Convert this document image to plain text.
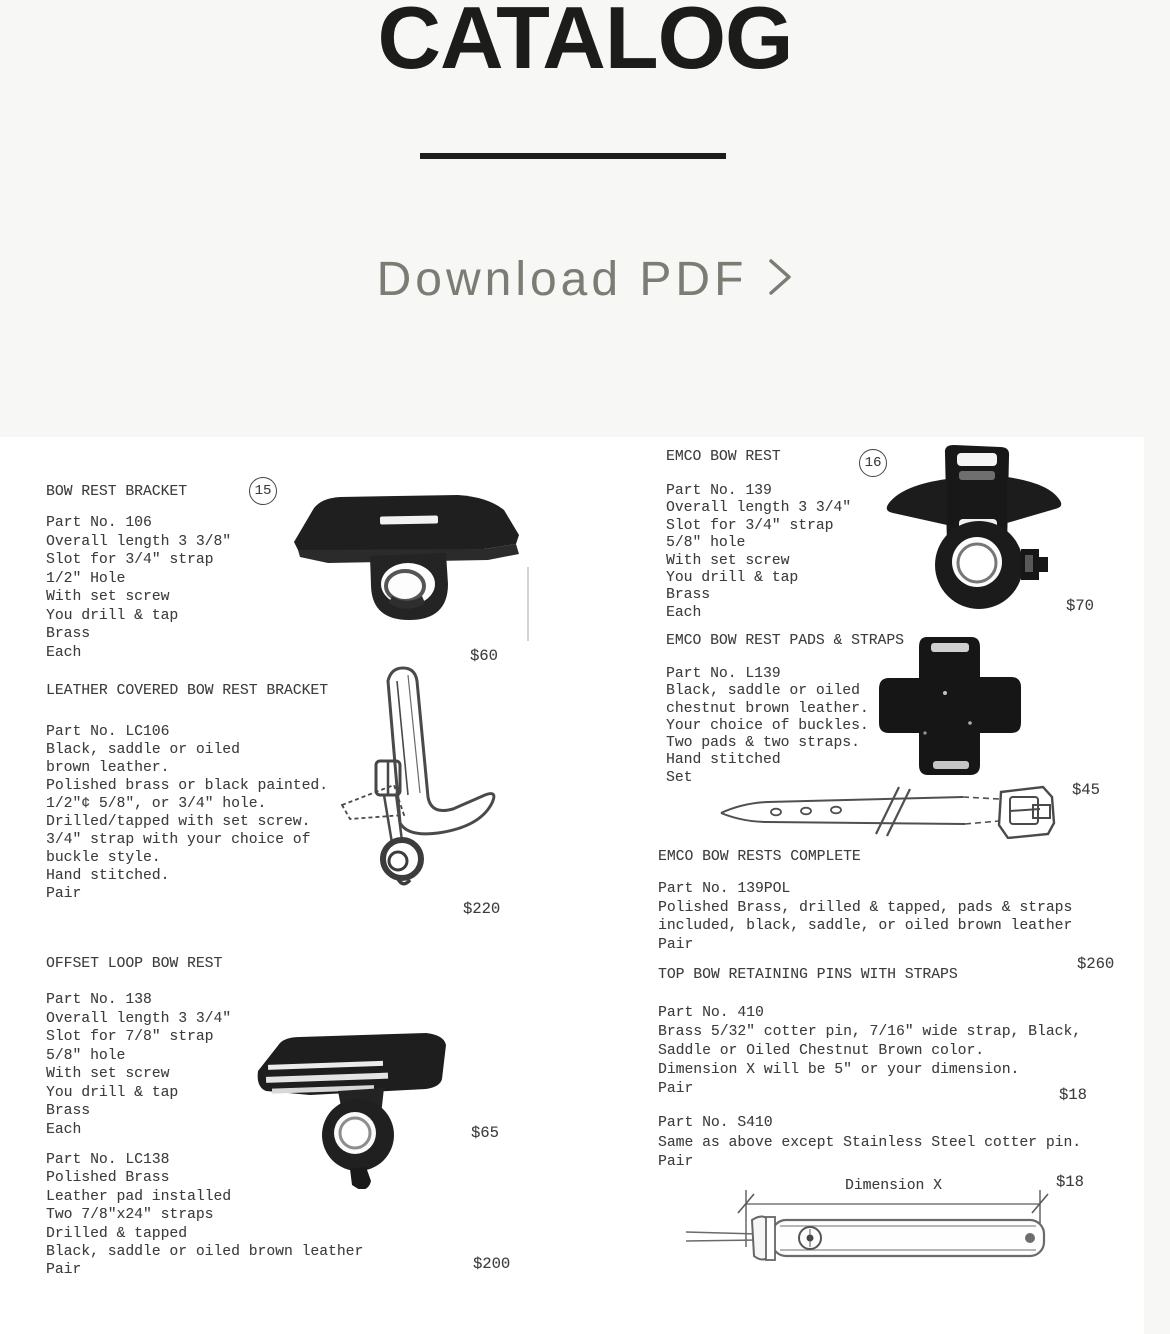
CATALOG
Download PDF
BOW REST BRACKET	15
Part No. 106
Overall length 3 3/8"
Slot for 3/4" strap
1/2" Hole
With set screw
You drill & tap
Brass
Each	$60
LEATHER COVERED BOW REST BRACKET
Part No. LC106
Black, saddle or oiled
brown leather.
Polished brass or black painted.
1/2"¢ 5/8", or 3/4" hole.
Drilled/tapped with set screw.
3/4" strap with your choice of
buckle style.
Hand stitched.
Pair
$220
OFFSET LOOP BOW REST
Part No. 138
Overall length 3 3/4"
Slot for 7/8" strap
5/8" hole
With set screw
You drill & tap
Brass
Each	$65
Part No. LC138
Polished Brass
Leather pad installed
Two 7/8"x24" straps
Drilled & tapped
Black, saddle or oiled brown leather
Pair	$200
EMCO BOW REST	16
Part No. 139
Overall length 3 3/4"
Slot for 3/4" strap
5/8" hole
With set screw
You drill & tap
Brass
Each	$70
EMCO BOW REST PADS & STRAPS
Part No. L139
Black, saddle or oiled
chestnut brown leather.
Your choice of buckles.
Two pads & two straps.
Hand stitched
Set
$45
EMCO BOW RESTS COMPLETE
Part No. 139POL
Polished Brass, drilled & tapped, pads & straps
included, black, saddle, or oiled brown leather
Pair
$260
TOP BOW RETAINING PINS WITH STRAPS
Part No. 410
Brass 5/32" cotter pin, 7/16" wide strap, Black,
Saddle or Oiled Chestnut Brown color.
Dimension X will be 5" or your dimension.
Pair	$18
Part No. S410
Same as above except Stainless Steel cotter pin.
Pair
$18
Dimension X
